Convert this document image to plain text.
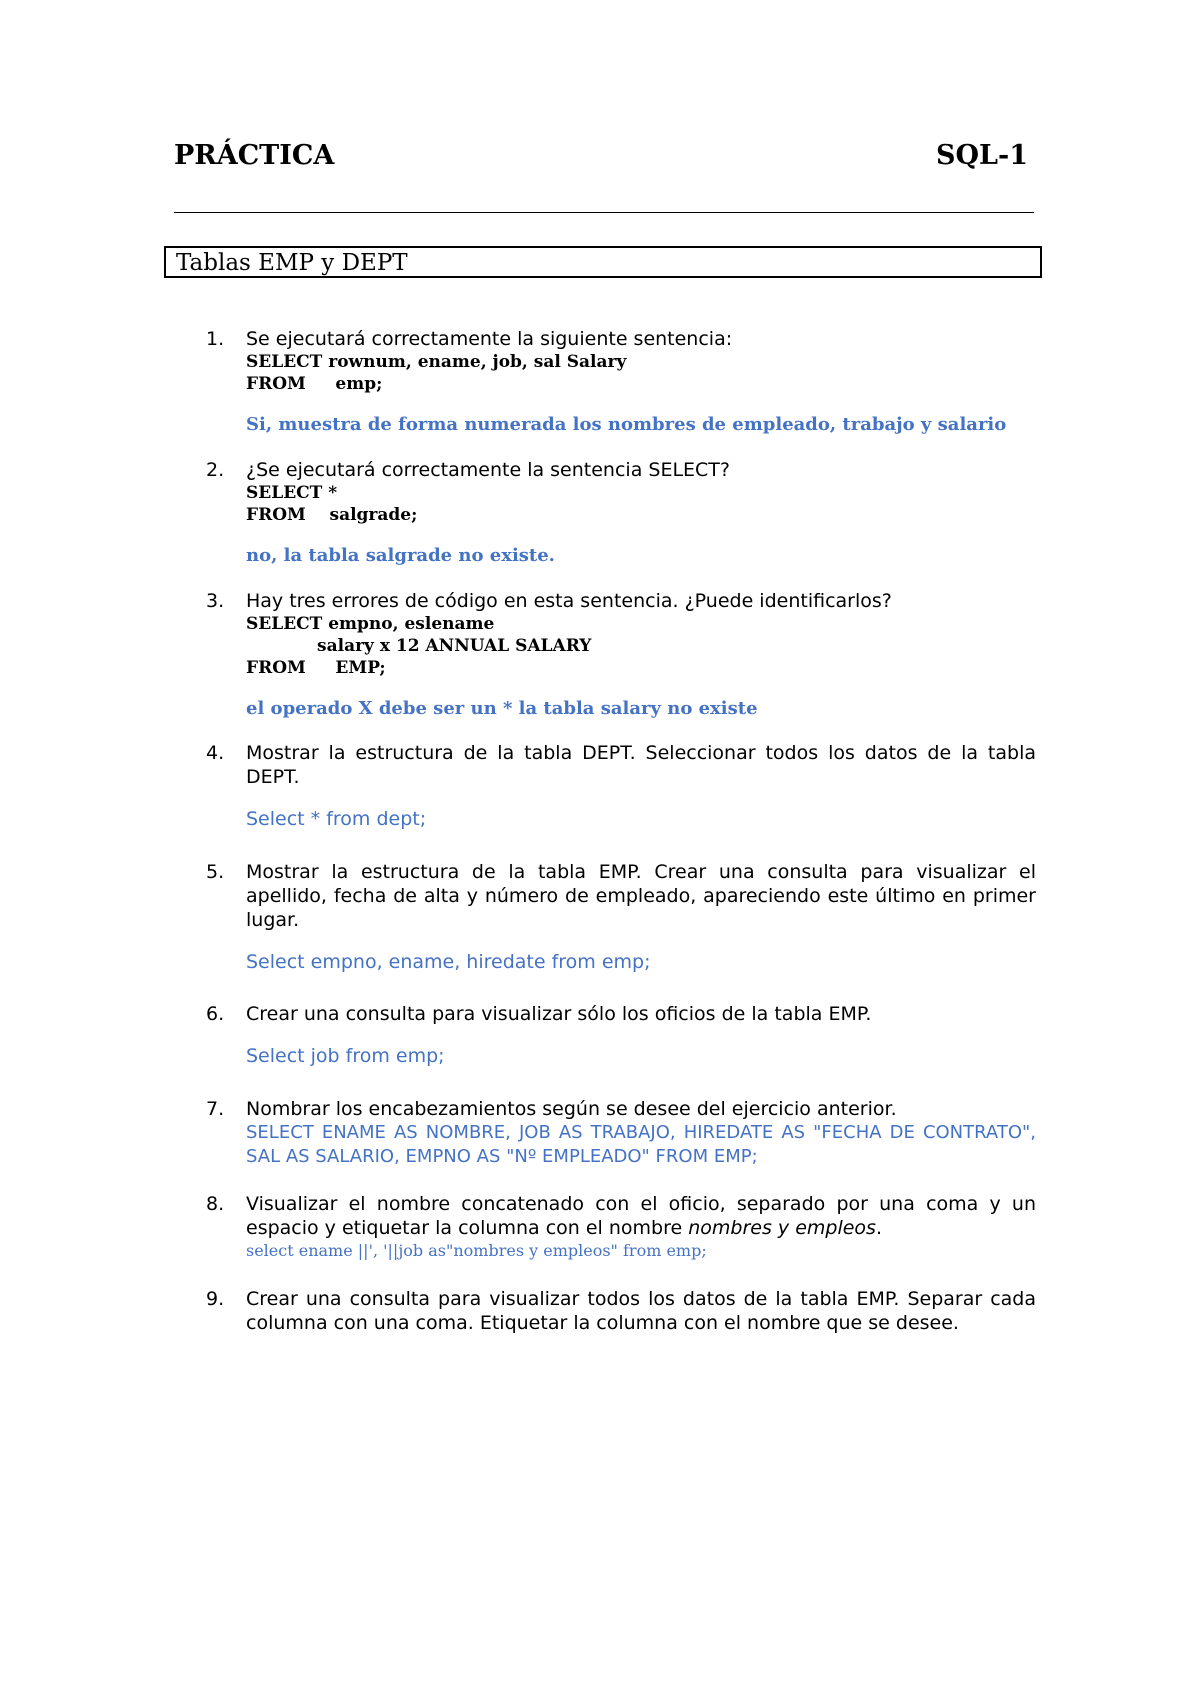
PRÁCTICA	SQL-1
Tablas EMP y DEPT
1. Se ejecutará correctamente la siguiente sentencia:

SELECT rownum, ename, job, sal Salary

FROM     emp;

Si, muestra de forma numerada los nombres de empleado, trabajo y salario

2. ¿Se ejecutará correctamente la sentencia SELECT?

SELECT *

FROM    salgrade;

no, la tabla salgrade no existe.

3. Hay tres errores de código en esta sentencia. ¿Puede identificarlos?

SELECT empno, eslename

salary x 12 ANNUAL SALARY

FROM     EMP;

el operado X debe ser un * la tabla salary no existe

4. Mostrar la estructura de la tabla DEPT. Seleccionar todos los datos de la tabla DEPT.

Select * from dept;

5. Mostrar la estructura de la tabla EMP. Crear una consulta para visualizar el apellido, fecha de alta y número de empleado, apareciendo este último en primer lugar.

Select empno, ename, hiredate from emp;

6. Crear una consulta para visualizar sólo los oficios de la tabla EMP.

Select job from emp;

7. Nombrar los encabezamientos según se desee del ejercicio anterior.

SELECT ENAME AS NOMBRE, JOB AS TRABAJO, HIREDATE AS "FECHA DE CONTRATO", SAL AS SALARIO, EMPNO AS "Nº EMPLEADO" FROM EMP;

8. Visualizar el nombre concatenado con el oficio, separado por una coma y un espacio y etiquetar la columna con el nombre nombres y empleos.

select ename ||', '||job as"nombres y empleos" from emp;

9. Crear una consulta para visualizar todos los datos de la tabla EMP. Separar cada columna con una coma. Etiquetar la columna con el nombre que se desee.
